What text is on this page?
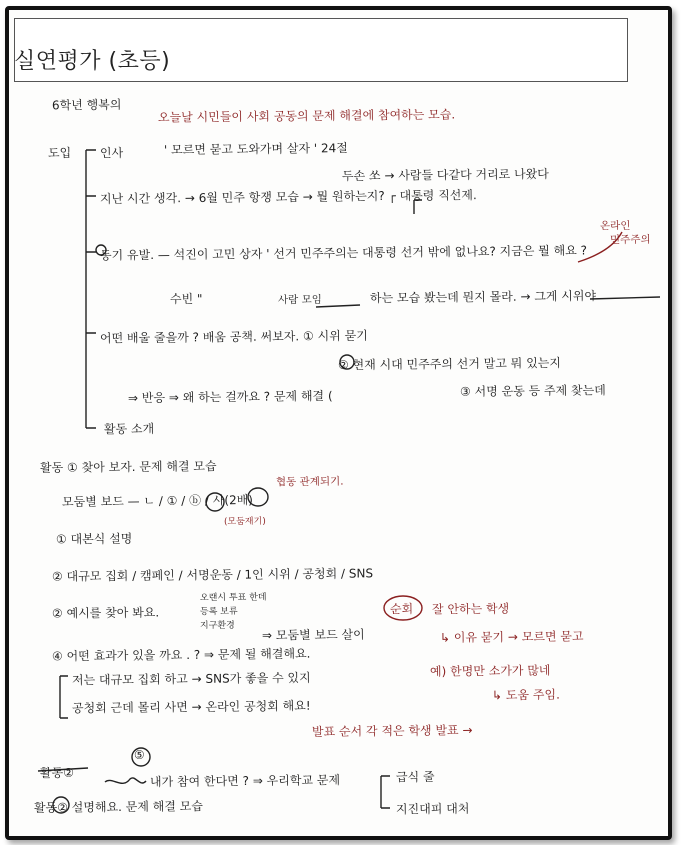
실연평가 (초등)
6학년 행복의
오늘날 시민들이 사회 공동의 문제 해결에 참여하는 모습.
도입 인사	' 모르면 묻고 도와가며 살자 ' 24절
두손 쏘 → 사람들 다같다 거리로 나왔다
지난 시간 생각. → 6월 민주 항쟁 모습 → 뭘 원하는지? ┌ 대통령 직선제.
온라인
민주주의
동기 유발. — 석진이 고민 상자 ' 선거 민주주의는 대통령 선거 밖에 없나요? 지금은 뭘 해요 ?
수빈 "	사람 모임	하는 모습 봤는데 뭔지 몰라. → 그게 시위야
어떤 배울 줄을까 ? 배움 공책. 써보자. ① 시위 묻기
② 현재 시대 민주주의 선거 말고 뭐 있는지
③ 서명 운동 등 주제 찾는데
⇒ 반응 ⇒ 왜 하는 걸까요 ? 문제 해결 (
활동 소개
활동 ① 찾아 보자. 문제 해결 모습
협동 관계되기.
모둠별 보드 — ㄴ / ① / ⓑ / 사(2배)
(모둠재기)
① 대본식 설명
② 대규모 집회 / 캠페인 / 서명운동 / 1인 시위 / 공청회 / SNS
오랜시 투표 한데
등록 보류
지구환경
② 예시를 찾아 봐요.
⇒ 모둠별 보드 살이
④ 어떤 효과가 있을 까요 . ? ⇒ 문제 될 해결해요.
순회 잘 안하는 학생
↳ 이유 묻기 → 모르면 묻고
저는 대규모 집회 하고 → SNS가 좋을 수 있지
공청회 근데 몰리 사면 → 온라인 공청회 해요!
예) 한명만 소가가 많네
↳ 도움 주임.
발표 순서 각 적은 학생 발표 →
활동②
⑤
내가 참여 한다면 ? ⇒ 우리학교 문제	급식 줄
지진대피 대처
활동② 설명해요. 문제 해결 모습
